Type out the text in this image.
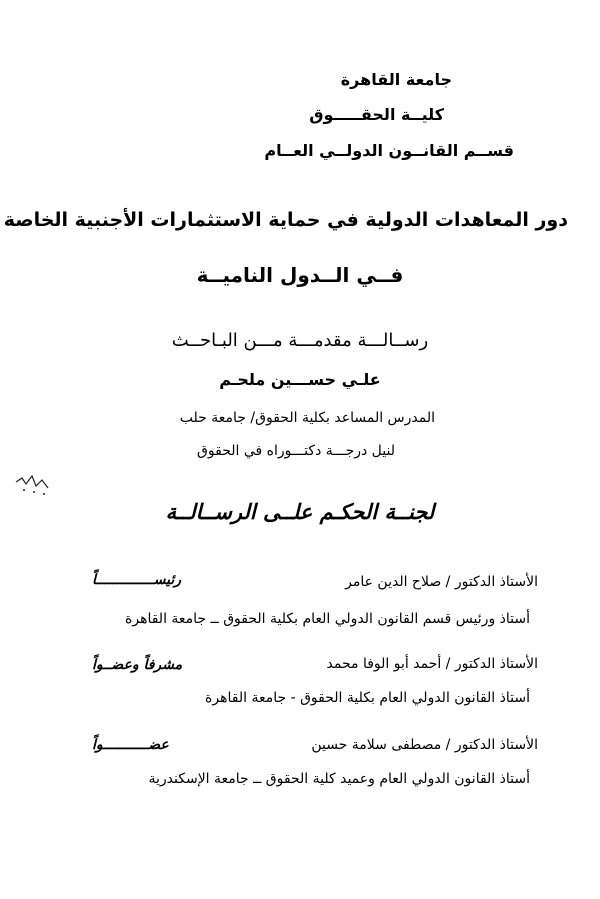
جامعة القاهرة
كليــة الحقـــــوق
قســم القانــون الدولــي العــام
دور المعاهدات الدولية في حماية الاستثمارات الأجنبية الخاصة
فــي الــدول الناميــة
رســالـــة مقدمـــة مـــن البـاحــث
علـي حســـين ملحـم
المدرس المساعد بكلية الحقوق/ جامعة حلب
لنيل درجـــة دكتـــوراه في الحقوق
لجنــة الحكـم علــى الرســالــة
الأستاذ الدكتور / صلاح الدين عامر
رئيســــــــــــــاً
أستاذ ورئيس قسم القانون الدولي العام بكلية الحقوق ــ جامعة القاهرة
الأستاذ الدكتور / أحمد أبو الوفا محمد
مشرفاً وعضــواً
أستاذ القانون الدولي العام بكلية الحقوق - جامعة القاهرة
الأستاذ الدكتور / مصطفى سلامة حسين
عضـــــــــــواً
أستاذ القانون الدولي العام وعميد كلية الحقوق ــ جامعة الإسكندرية
